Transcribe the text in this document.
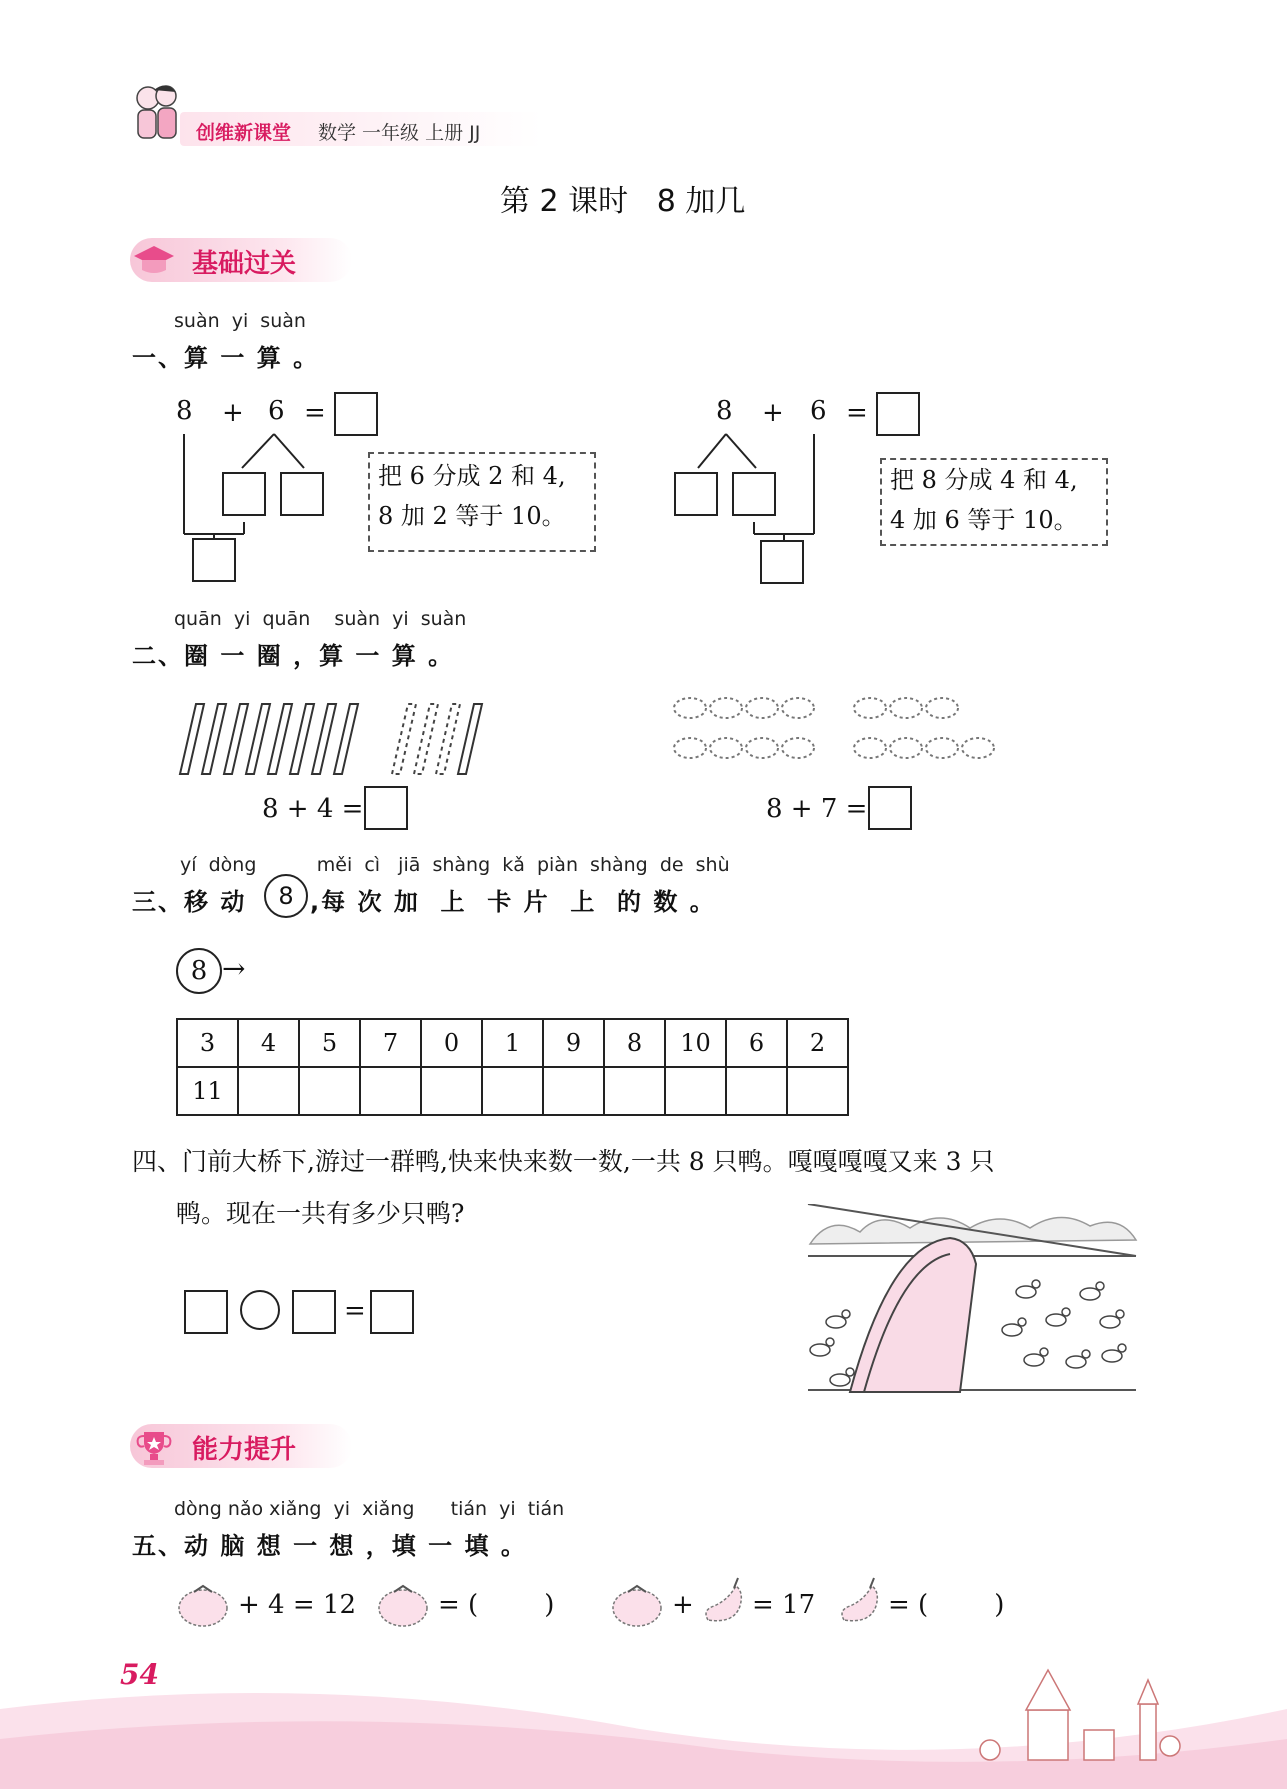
创维新课堂 数学 一年级 上册 JJ
第 2 课时   8 加几
基础过关
suàn  yi  suàn
一、算 一 算 。
8 + 6 =
把 6 分成 2 和 4,
8 加 2 等于 10。
8 + 6 =
把 8 分成 4 和 4,
4 加 6 等于 10。
quān  yi  quān    suàn  yi  suàn
二、圈 一 圈 ，算 一 算 。
8 + 4 =	8 + 7 =
yí  dòng          měi  cì   jiā  shàng  kǎ  piàn  shàng  de  shù
三、移 动	8 ,每 次 加  上  卡 片  上  的 数 。
8 →
3	4	5	7	0	1	9	8	10	6	2
11										
四、门前大桥下,游过一群鸭,快来快来数一数,一共 8 只鸭。嘎嘎嘎嘎又来 3 只
鸭。现在一共有多少只鸭?
=
能力提升
dòng nǎo xiǎng  yi  xiǎng      tián  yi  tián
五、动 脑 想 一 想 ，填 一 填 。
+ 4 = 12	= (        )	+ = 17	= (        )
54
